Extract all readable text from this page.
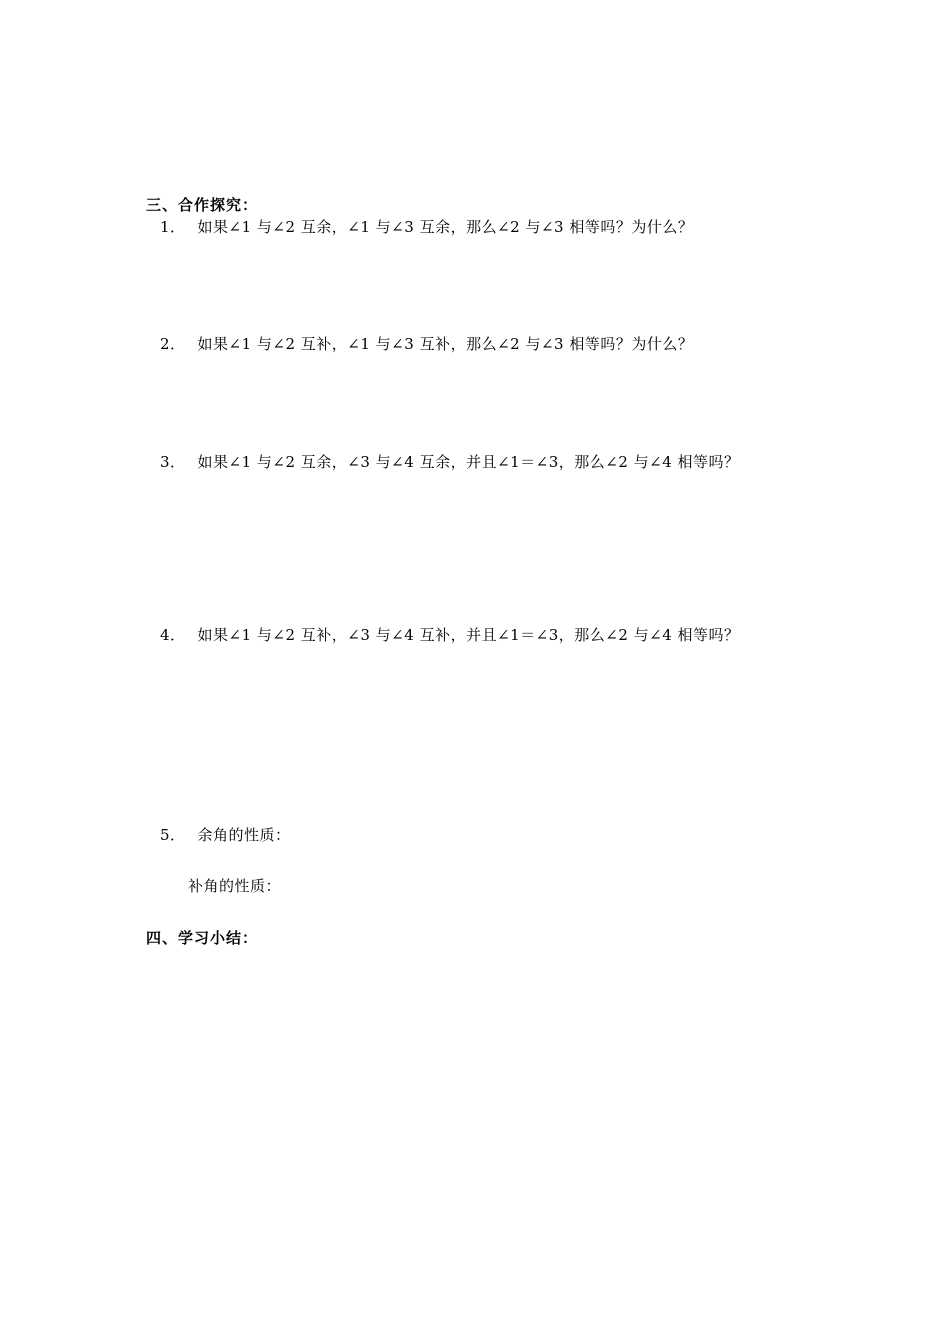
三、合作探究：
1． 如果∠1 与∠2 互余，∠1 与∠3 互余，那么∠2 与∠3 相等吗？为什么？
2． 如果∠1 与∠2 互补，∠1 与∠3 互补，那么∠2 与∠3 相等吗？为什么？
3． 如果∠1 与∠2 互余，∠3 与∠4 互余，并且∠1＝∠3，那么∠2 与∠4 相等吗？
4． 如果∠1 与∠2 互补，∠3 与∠4 互补，并且∠1＝∠3，那么∠2 与∠4 相等吗？
5． 余角的性质：
补角的性质：
四、学习小结：
